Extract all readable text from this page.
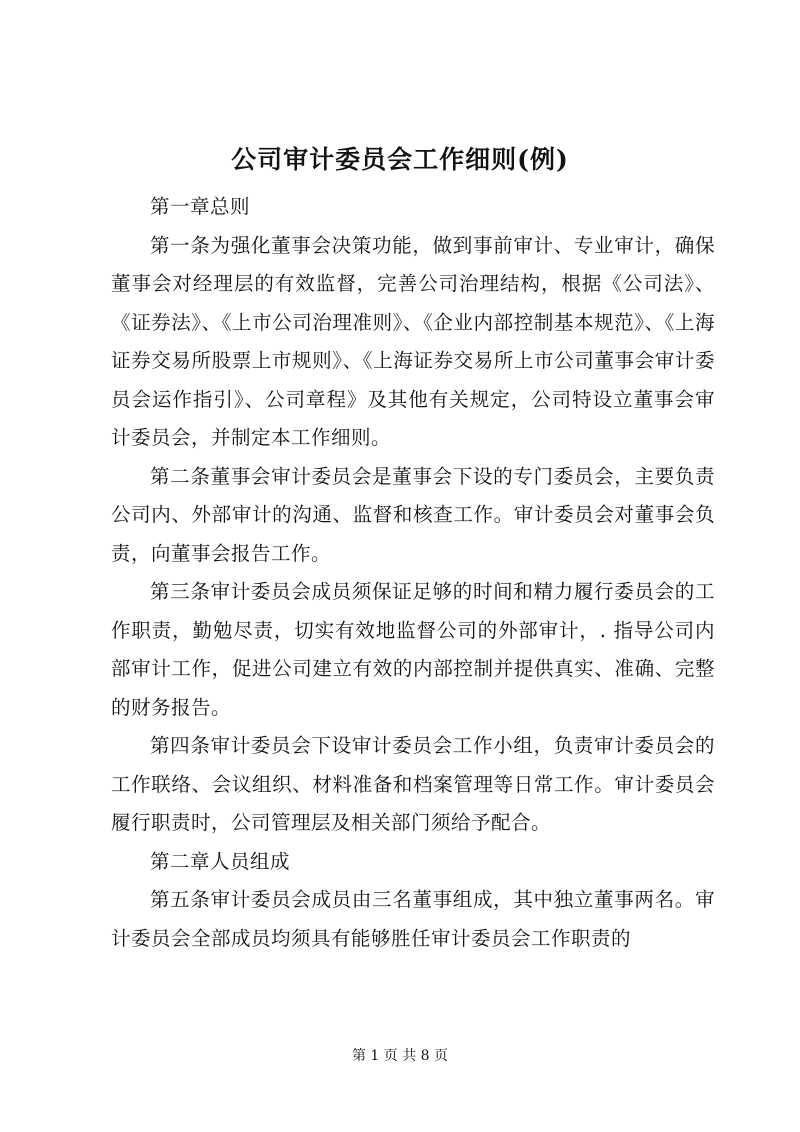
公司审计委员会工作细则(例)

第一章总则

第一条为强化董事会决策功能，做到事前审计、专业审计，确保董事会对经理层的有效监督，完善公司治理结构，根据《公司法》、《证券法》、《上市公司治理准则》、《企业内部控制基本规范》、《上海证券交易所股票上市规则》、《上海证券交易所上市公司董事会审计委员会运作指引》、公司章程》及其他有关规定，公司特设立董事会审计委员会，并制定本工作细则。

第二条董事会审计委员会是董事会下设的专门委员会，主要负责公司内、外部审计的沟通、监督和核查工作。审计委员会对董事会负责，向董事会报告工作。

第三条审计委员会成员须保证足够的时间和精力履行委员会的工作职责，勤勉尽责，切实有效地监督公司的外部审计，. 指导公司内部审计工作，促进公司建立有效的内部控制并提供真实、准确、完整的财务报告。

第四条审计委员会下设审计委员会工作小组，负责审计委员会的工作联络、会议组织、材料准备和档案管理等日常工作。审计委员会履行职责时，公司管理层及相关部门须给予配合。

第二章人员组成

第五条审计委员会成员由三名董事组成，其中独立董事两名。审计委员会全部成员均须具有能够胜任审计委员会工作职责的

第 1 页 共 8 页
